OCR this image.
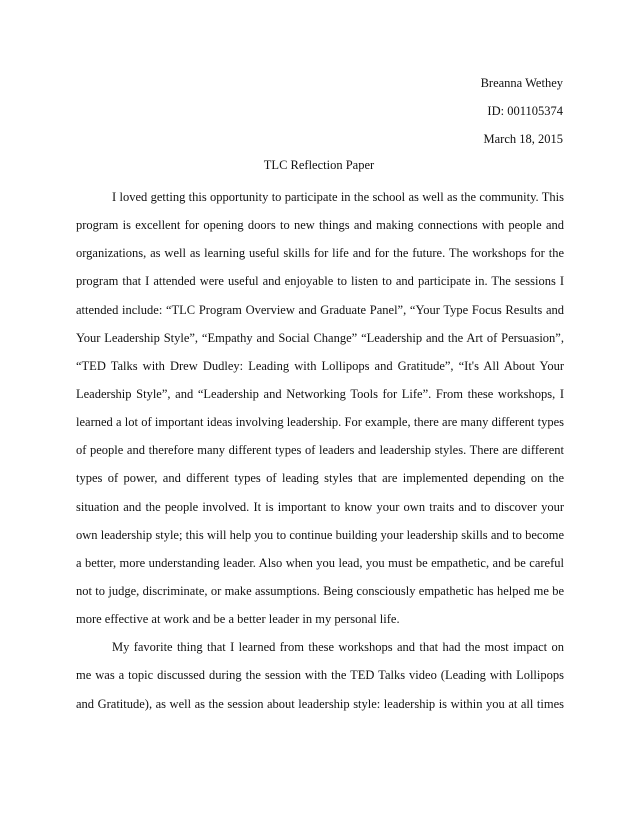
Breanna Wethey
ID: 001105374
March 18, 2015
TLC Reflection Paper
I loved getting this opportunity to participate in the school as well as the community. This
program is excellent for opening doors to new things and making connections with people and
organizations, as well as learning useful skills for life and for the future. The workshops for the
program that I attended were useful and enjoyable to listen to and participate in. The sessions I
attended include: “TLC Program Overview and Graduate Panel”, “Your Type Focus Results and
Your Leadership Style”, “Empathy and Social Change” “Leadership and the Art of Persuasion”,
“TED Talks with Drew Dudley: Leading with Lollipops and Gratitude”, “It's All About Your
Leadership Style”, and “Leadership and Networking Tools for Life”. From these workshops, I
learned a lot of important ideas involving leadership. For example, there are many different types
of people and therefore many different types of leaders and leadership styles. There are different
types of power, and different types of leading styles that are implemented depending on the
situation and the people involved. It is important to know your own traits and to discover your
own leadership style; this will help you to continue building your leadership skills and to become
a better, more understanding leader. Also when you lead, you must be empathetic, and be careful
not to judge, discriminate, or make assumptions. Being consciously empathetic has helped me be
more effective at work and be a better leader in my personal life.
My favorite thing that I learned from these workshops and that had the most impact on
me was a topic discussed during the session with the TED Talks video (Leading with Lollipops
and Gratitude), as well as the session about leadership style: leadership is within you at all times
